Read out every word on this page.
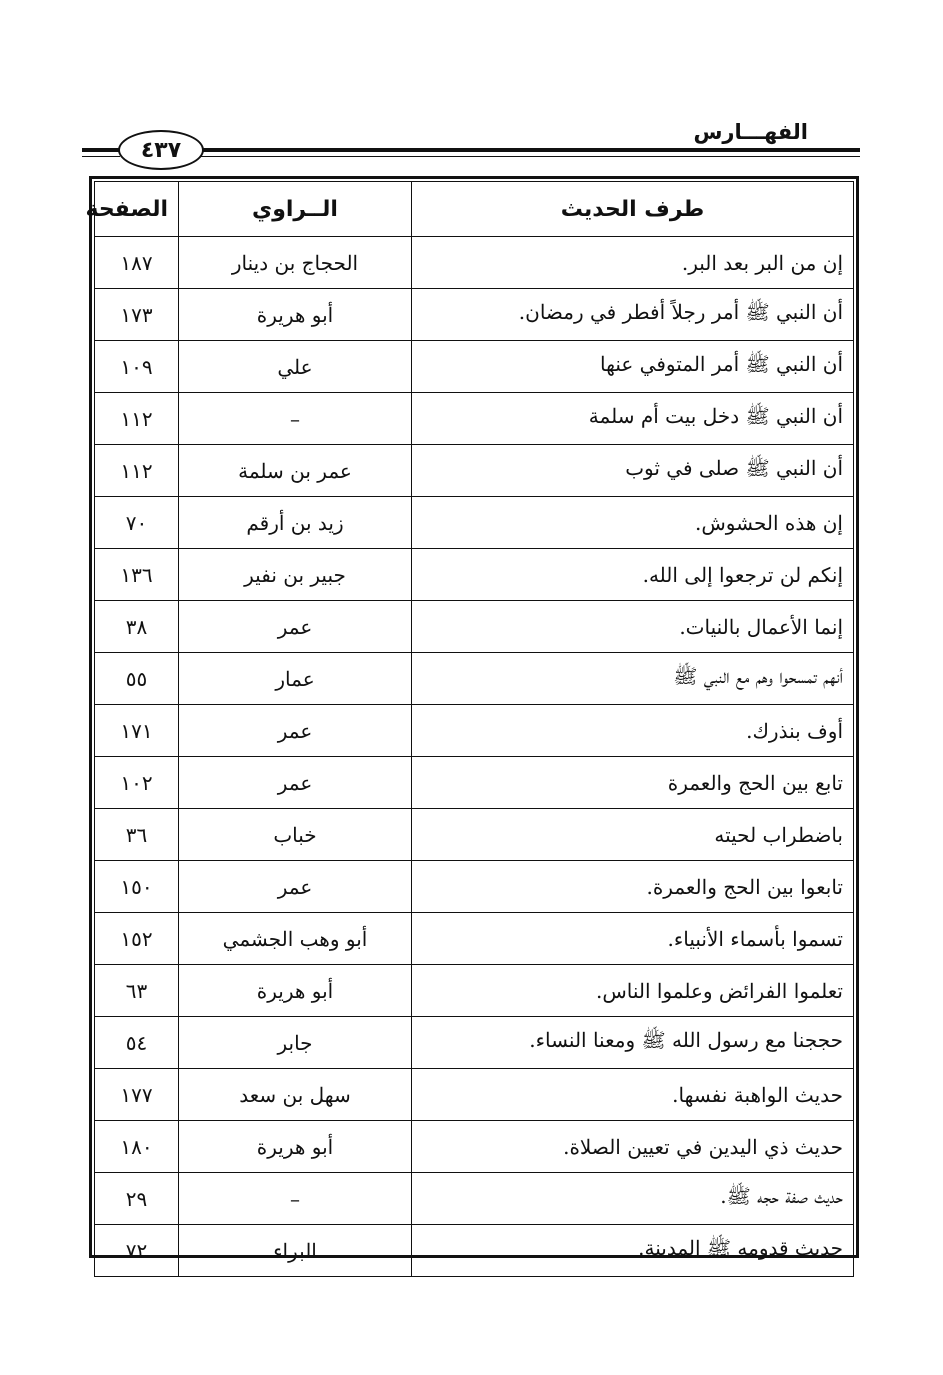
٤٣٧
الفهـــارس
طرف الحديث	الــراوي	الصفحة
إن من البر بعد البر.	الحجاج بن دينار	١٨٧
أن النبي ﷺ أمر رجلاً أفطر في رمضان.	أبو هريرة	١٧٣
أن النبي ﷺ أمر المتوفي عنها	علي	١٠٩
أن النبي ﷺ دخل بيت أم سلمة	–	١١٢
أن النبي ﷺ صلى في ثوب	عمر بن سلمة	١١٢
إن هذه الحشوش.	زيد بن أرقم	٧٠
إنكم لن ترجعوا إلى الله.	جبير بن نفير	١٣٦
إنما الأعمال بالنيات.	عمر	٣٨
أنهم تمسحوا وهم مع النبي ﷺ	عمار	٥٥
أوف بنذرك.	عمر	١٧١
تابع بين الحج والعمرة	عمر	١٠٢
باضطراب لحيته	خباب	٣٦
تابعوا بين الحج والعمرة.	عمر	١٥٠
تسموا بأسماء الأنبياء.	أبو وهب الجشمي	١٥٢
تعلموا الفرائض وعلموا الناس.	أبو هريرة	٦٣
حججنا مع رسول الله ﷺ ومعنا النساء.	جابر	٥٤
حديث الواهبة نفسها.	سهل بن سعد	١٧٧
حديث ذي اليدين في تعيين الصلاة.	أبو هريرة	١٨٠
حديث صفة حجه ﷺ.	–	٢٩
حديث قدومه ﷺ المدينة.	البراء	٧٢
